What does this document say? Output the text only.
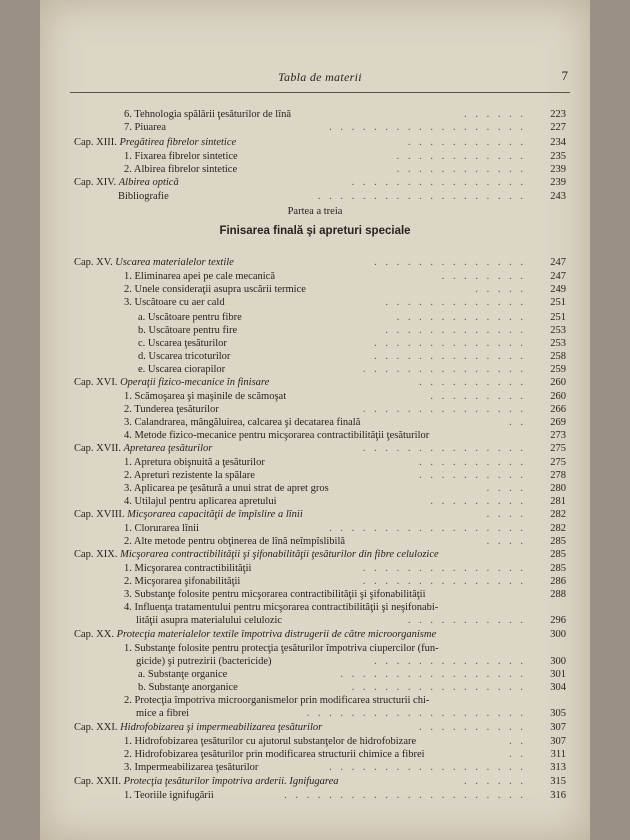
Tabla de materii	7
6. Tehnologia spălării ţesăturilor de lînă	. . . . . .	223
7. Piuarea	. . . . . . . . . . . . . . . . . .	227
Cap. XIII. Pregătirea fibrelor sintetice	. . . . . . . . . . .	234
1. Fixarea fibrelor sintetice	. . . . . . . . . . . .	235
2. Albirea fibrelor sintetice	. . . . . . . . . . . .	239
Cap. XIV. Albirea optică	. . . . . . . . . . . . . . . .	239
Bibliografie	. . . . . . . . . . . . . . . . . . .	243
Partea a treia
Finisarea finală şi apreturi speciale
Cap. XV. Uscarea materialelor textile	. . . . . . . . . . . . . .	247
1. Eliminarea apei pe cale mecanică	. . . . . . . .	247
2. Unele consideraţii asupra uscării termice	. . . . .	249
3. Uscătoare cu aer cald	. . . . . . . . . . . . .	251
a. Uscătoare pentru fibre	. . . . . . . . . . . .	251
b. Uscătoare pentru fire	. . . . . . . . . . . . .	253
c. Uscarea ţesăturilor	. . . . . . . . . . . . . .	253
d. Uscarea tricoturilor	. . . . . . . . . . . . . .	258
e. Uscarea ciorapilor	. . . . . . . . . . . . . . .	259
Cap. XVI. Operaţii fizico-mecanice în finisare	. . . . . . . . . .	260
1. Scămoşarea şi maşinile de scămoşat	. . . . . . . . .	260
2. Tunderea ţesăturilor	. . . . . . . . . . . . . . .	266
3. Calandrarea, mângăluirea, calcarea şi decatarea finală	. .	269
4. Metode fizico-mecanice pentru micşorarea contractibilităţii ţesăturilor	273
Cap. XVII. Apretarea ţesăturilor	. . . . . . . . . . . . . . .	275
1. Apretura obişnuită a ţesăturilor	. . . . . . . . . .	275
2. Apreturi rezistente la spălare	. . . . . . . . . .	278
3. Aplicarea pe ţesătură a unui strat de apret gros	. . . .	280
4. Utilajul pentru aplicarea apretului	. . . . . . . . .	281
Cap. XVIII. Micşorarea capacităţii de împîslire a lînii	. . . .	282
1. Clorurarea lînii	. . . . . . . . . . . . . . . . . .	282
2. Alte metode pentru obţinerea de lînă neîmpîslibilă	. . . .	285
Cap. XIX. Micşorarea contractibilităţii şi şifonabilităţii ţesăturilor din fibre celulozice	285
1. Micşorarea contractibilităţii	. . . . . . . . . . . . . . .	285
2. Micşorarea şifonabilităţii	. . . . . . . . . . . . . . .	286
3. Substanţe folosite pentru micşorarea contractibilităţii şi şifonabilităţii	288
4. Influenţa tratamentului pentru micşorarea contractibilităţii şi neşifonabi-
lităţii asupra materialului celulozic	. . . . . . . . . . .	296
Cap. XX. Protecţia materialelor textile împotriva distrugerii de către microorganisme	300
1. Substanţe folosite pentru protecţia ţesăturilor împotriva ciupercilor (fun-
gicide) şi putrezirii (bactericide)	. . . . . . . . . . . . . .	300
a. Substanţe organice	. . . . . . . . . . . . . . . . .	301
b. Substanţe anorganice	. . . . . . . . . . . . . . . .	304
2. Protecţia împotriva microorganismelor prin modificarea structurii chi-
mice a fibrei	. . . . . . . . . . . . . . . . . . . .	305
Cap. XXI. Hidrofobizarea şi impermeabilizarea ţesăturilor	. . . . . . . . . .	307
1. Hidrofobizarea ţesăturilor cu ajutorul substanţelor de hidrofobizare	. .	307
2. Hidrofobizarea ţesăturilor prin modificarea structurii chimice a fibrei	. .	311
3. Impermeabilizarea ţesăturilor	. . . . . . . . . . . . . . . . . .	313
Cap. XXII. Protecţia ţesăturilor împotriva arderii. Ignifugarea	. . . . . .	315
1. Teoriile ignifugării	. . . . . . . . . . . . . . . . . . . . . .	316
